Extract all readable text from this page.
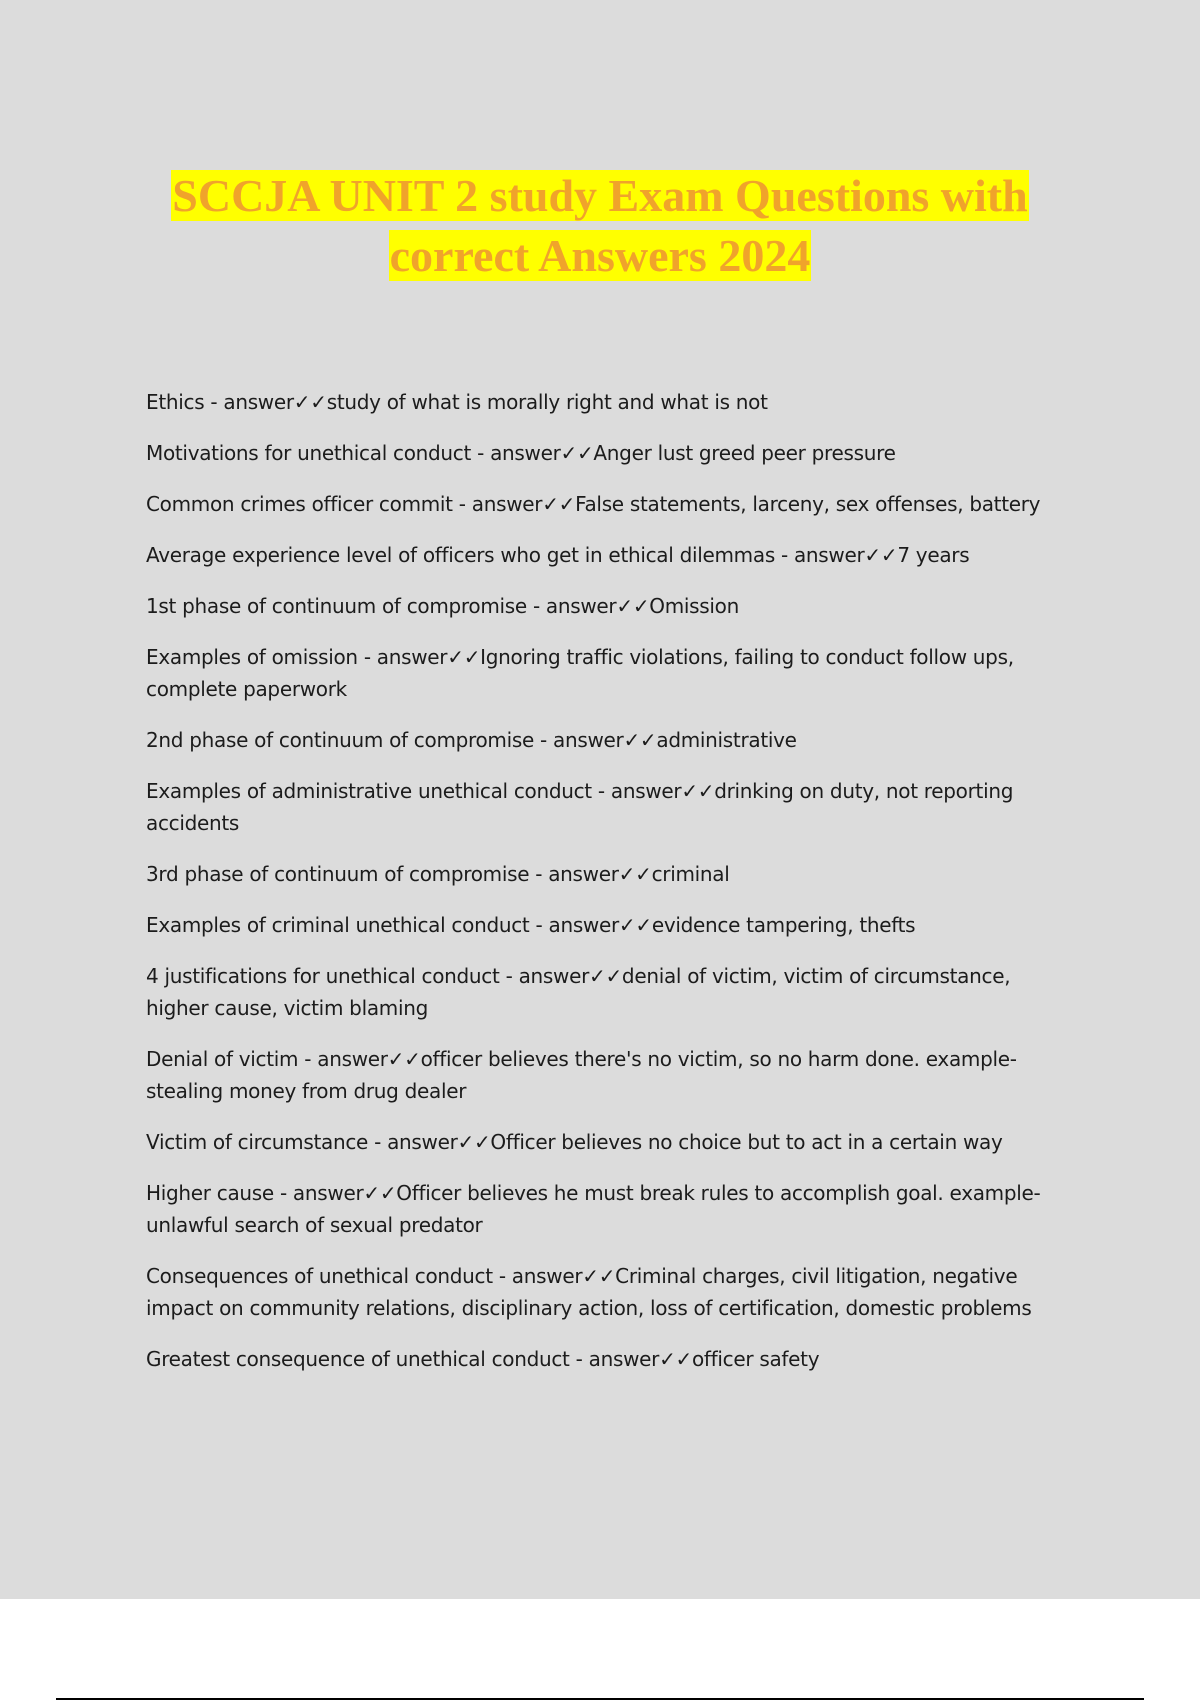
SCCJA UNIT 2 study Exam Questions with
correct Answers 2024
Ethics - answer✓✓study of what is morally right and what is not
Motivations for unethical conduct - answer✓✓Anger lust greed peer pressure
Common crimes officer commit - answer✓✓False statements, larceny, sex offenses, battery
Average experience level of officers who get in ethical dilemmas - answer✓✓7 years
1st phase of continuum of compromise - answer✓✓Omission
Examples of omission - answer✓✓Ignoring traffic violations, failing to conduct follow ups, complete paperwork
2nd phase of continuum of compromise - answer✓✓administrative
Examples of administrative unethical conduct - answer✓✓drinking on duty, not reporting accidents
3rd phase of continuum of compromise - answer✓✓criminal
Examples of criminal unethical conduct - answer✓✓evidence tampering, thefts
4 justifications for unethical conduct - answer✓✓denial of victim, victim of circumstance, higher cause, victim blaming
Denial of victim - answer✓✓officer believes there's no victim, so no harm done. example- stealing money from drug dealer
Victim of circumstance - answer✓✓Officer believes no choice but to act in a certain way
Higher cause - answer✓✓Officer believes he must break rules to accomplish goal. example- unlawful search of sexual predator
Consequences of unethical conduct - answer✓✓Criminal charges, civil litigation, negative impact on community relations, disciplinary action, loss of certification, domestic problems
Greatest consequence of unethical conduct - answer✓✓officer safety
